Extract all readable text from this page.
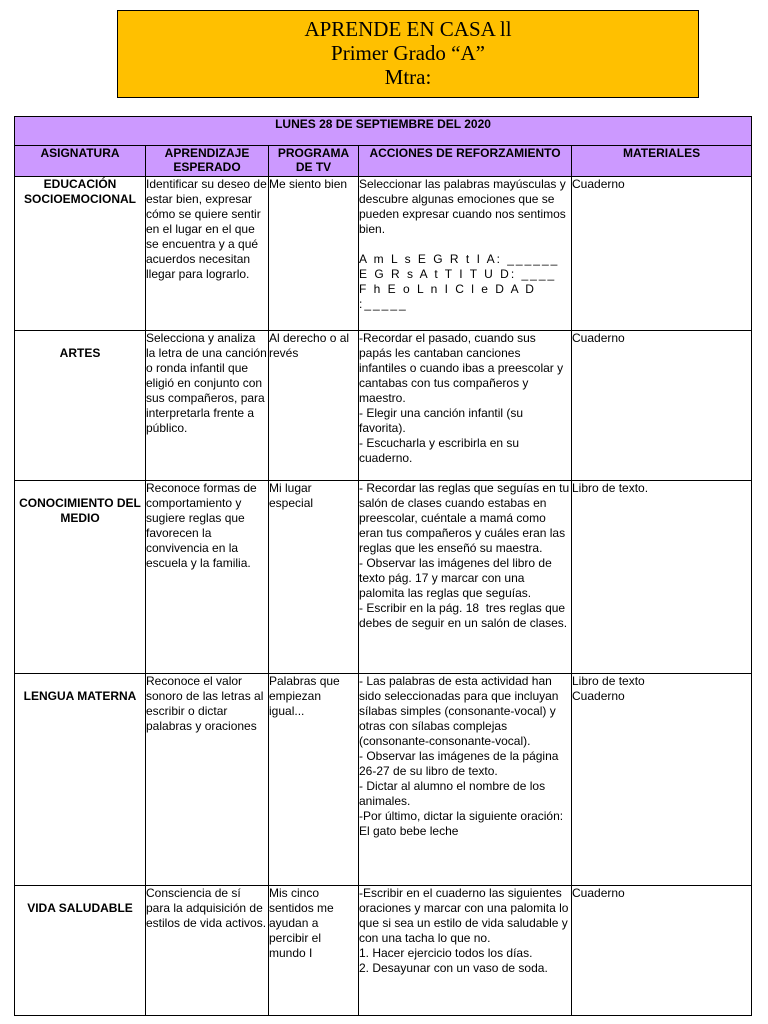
APRENDE EN CASA ll
Primer Grado “A”
Mtra:
LUNES 28 DE SEPTIEMBRE DEL 2020				
ASIGNATURA	APRENDIZAJE ESPERADO	PROGRAMA DE TV	ACCIONES DE REFORZAMIENTO	MATERIALES
EDUCACIÓN SOCIOEMOCIONAL	Identificar su deseo de estar bien, expresar cómo se quiere sentir en el lugar en el que se encuentra y a qué acuerdos necesitan llegar para lograrlo.	Me siento bien	Seleccionar las palabras mayúsculas y descubre algunas emociones que se pueden expresar cuando nos sentimos bien.
A m L s E G R t I A: ______
E G R s A t T I T U D: ____
F h E o L n I C l e D A D :_____	Cuaderno
ARTES	Selecciona y analiza la letra de una canción o ronda infantil que eligió en conjunto con sus compañeros, para interpretarla frente a público.	Al derecho o al revés	-Recordar el pasado, cuando sus papás les cantaban canciones infantiles o cuando ibas a preescolar y cantabas con tus compañeros y maestro.
- Elegir una canción infantil (su favorita).
- Escucharla y escribirla en su cuaderno.	Cuaderno
CONOCIMIENTO DEL MEDIO	Reconoce formas de comportamiento y sugiere reglas que favorecen la convivencia en la escuela y la familia.	Mi lugar especial	- Recordar las reglas que seguías en tu salón de clases cuando estabas en preescolar, cuéntale a mamá como eran tus compañeros y cuáles eran las reglas que les enseñó su maestra.
- Observar las imágenes del libro de texto pág. 17 y marcar con una palomita las reglas que seguías.
- Escribir en la pág. 18  tres reglas que debes de seguir en un salón de clases.	Libro de texto.
LENGUA MATERNA	Reconoce el valor sonoro de las letras al escribir o dictar palabras y oraciones	Palabras que empiezan igual...	- Las palabras de esta actividad han sido seleccionadas para que incluyan sílabas simples (consonante-vocal) y otras con sílabas complejas (consonante-consonante-vocal).
- Observar las imágenes de la página 26-27 de su libro de texto.
- Dictar al alumno el nombre de los animales.
-Por último, dictar la siguiente oración: El gato bebe leche	Libro de texto
Cuaderno

VIDA SALUDABLE	Consciencia de sí para la adquisición de estilos de vida activos.	Mis cinco sentidos me ayudan a percibir el mundo I	-Escribir en el cuaderno las siguientes oraciones y marcar con una palomita lo que si sea un estilo de vida saludable y con una tacha lo que no.
1. Hacer ejercicio todos los días.
2. Desayunar con un vaso de soda.	Cuaderno
